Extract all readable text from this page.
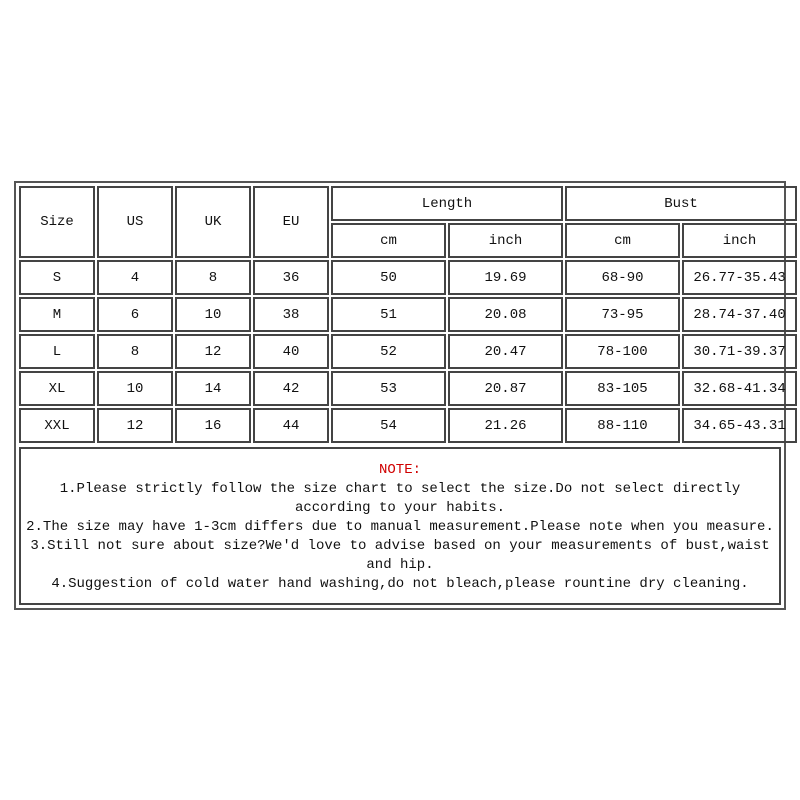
Size	US	UK	EU	Length		Bust	
				cm	inch	cm	inch
S	4	8	36	50	19.69	68-90	26.77-35.43
M	6	10	38	51	20.08	73-95	28.74-37.40
L	8	12	40	52	20.47	78-100	30.71-39.37
XL	10	14	42	53	20.87	83-105	32.68-41.34
XXL	12	16	44	54	21.26	88-110	34.65-43.31
NOTE:
1.Please strictly follow the size chart to select the size.Do not select directly according to your habits.
2.The size may have 1-3cm differs due to manual measurement.Please note when you measure.
3.Still not sure about size?We'd love to advise based on your measurements of bust,waist and hip.
4.Suggestion of cold water hand washing,do not bleach,please rountine dry cleaning.
